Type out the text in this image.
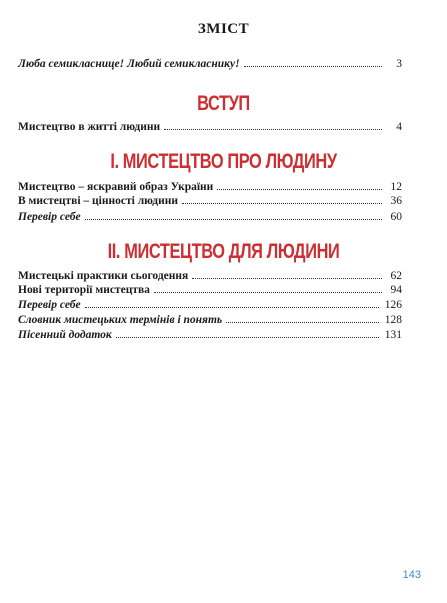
ЗМІСТ
Люба семикласнице! Любий семикласнику!	3
ВСТУП
Мистецтво в житті людини	4
І. МИСТЕЦТВО ПРО ЛЮДИНУ
Мистецтво – яскравий образ України	12
В мистецтві – цінності людини	36
Перевір себе	60
ІІ. МИСТЕЦТВО ДЛЯ ЛЮДИНИ
Мистецькі практики сьогодення	62
Нові території мистецтва	94
Перевір себе	126
Словник мистецьких термінів і понять	128
Пісенний додаток	131
143
